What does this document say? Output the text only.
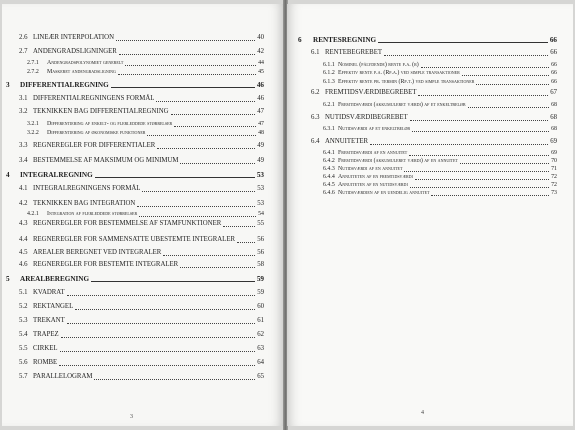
2.6 LINEÆR INTERPOLATION	40
2.7 ANDENGRADSLIGNINGER	42
2.7.1 Andengradspolynomiet generelt	44
2.7.2 Maskeret andengradsligning	45
3 DIFFERENTIALREGNING	46
3.1 DIFFERENTIALREGNINGENS FORMÅL	46
3.2 TEKNIKKEN BAG DIFFERENTIALREGNING	47
3.2.1 Differentiering af enkelt- og flerleddede størrelser	47
3.2.2 Differentiering af økonomiske funktioner	48
3.3 REGNEREGLER FOR DIFFERENTIALER	49
3.4 BESTEMMELSE AF MAKSIMUM OG MINIMUM	49
4 INTEGRALREGNING	53
4.1 INTEGRALREGNINGENS FORMÅL	53
4.2 TEKNIKKEN BAG INTEGRATION	53
4.2.1 Integration af flerleddede størrelser	54
4.3 REGNEREGLER FOR BESTEMMELSE AF STAMFUNKTIONER	55
4.4 REGNEREGLER FOR SAMMENSATTE UBESTEMTE INTEGRALER	56
4.5 AREALER BEREGNET VED INTEGRALER	56
4.6 REGNEREGLER FOR BESTEMTE INTEGRALER	58
5 AREALBEREGNING	59
5.1 KVADRAT	59
5.2 REKTANGEL	60
5.3 TREKANT	61
5.4 TRAPEZ	62
5.5 CIRKEL	63
5.6 ROMBE	64
5.7 PARALLELOGRAM	65
3
6 RENTESREGNING	66
6.1 RENTEBEGREBET	66
6.1.1 Nominel (pålydende) rente p.a. (r)	66
6.1.2 Effektiv rente p.a. (Rp.a.) ved simple transaktioner	66
6.1.3 Effektiv rente pr. termin (Rp.t.) ved simple transaktioner	66
6.2 FREMTIDSVÆRDIBEGREBET	67
6.2.1 Fremtidsværdi (akkumuleret værdi) af et enkeltbeløb	68
6.3 NUTIDSVÆRDIBEGREBET	68
6.3.1 Nutidsværdi af et enkeltbeløb	68
6.4 ANNUITETER	69
6.4.1 Fremtidsværdi af en annuitet	69
6.4.2 Fremtidsværdi (akkumuleret værdi) af en annuitet	70
6.4.3 Nutidsværdi af en annuitet	71
6.4.4 Annuiteten af en fremtidsværdi	72
6.4.5 Annuiteten af en nutidsværdi	72
6.4.6 Nutidsværdien af en uendelig annuitet	73
4
